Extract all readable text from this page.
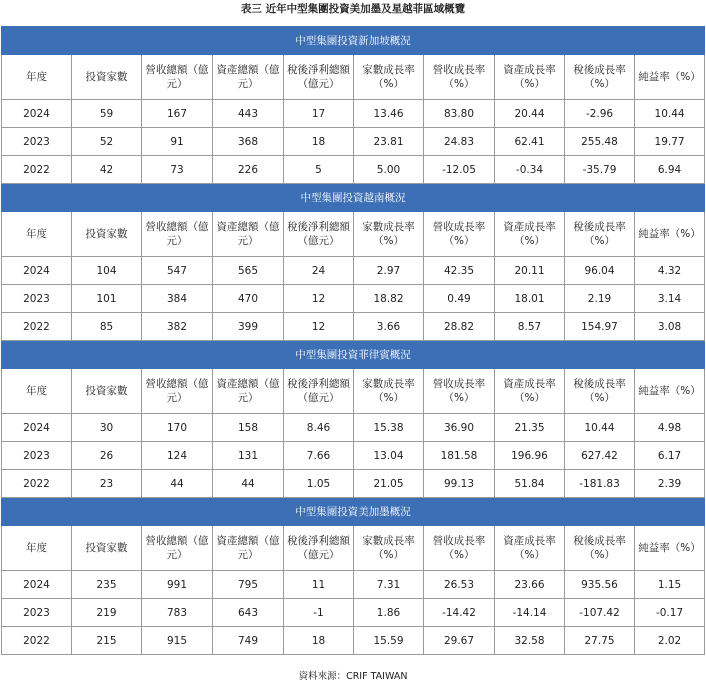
表三 近年中型集團投資美加墨及星越菲區域概覽
中型集團投資新加坡概況									
年度	投資家數	營收總額（億元）	資產總額（億元）	稅後淨利總額（億元）	家數成長率（%）	營收成長率（%）	資產成長率（%）	稅後成長率（%）	純益率（%）
2024	59	167	443	17	13.46	83.80	20.44	-2.96	10.44
2023	52	91	368	18	23.81	24.83	62.41	255.48	19.77
2022	42	73	226	5	5.00	-12.05	-0.34	-35.79	6.94
中型集團投資越南概況									
年度	投資家數	營收總額（億元）	資產總額（億元）	稅後淨利總額（億元）	家數成長率（%）	營收成長率（%）	資產成長率（%）	稅後成長率（%）	純益率（%）
2024	104	547	565	24	2.97	42.35	20.11	96.04	4.32
2023	101	384	470	12	18.82	0.49	18.01	2.19	3.14
2022	85	382	399	12	3.66	28.82	8.57	154.97	3.08
中型集團投資菲律賓概況									
年度	投資家數	營收總額（億元）	資產總額（億元）	稅後淨利總額（億元）	家數成長率（%）	營收成長率（%）	資產成長率（%）	稅後成長率（%）	純益率（%）
2024	30	170	158	8.46	15.38	36.90	21.35	10.44	4.98
2023	26	124	131	7.66	13.04	181.58	196.96	627.42	6.17
2022	23	44	44	1.05	21.05	99.13	51.84	-181.83	2.39
中型集團投資美加墨概況									
年度	投資家數	營收總額（億元）	資產總額（億元）	稅後淨利總額（億元）	家數成長率（%）	營收成長率（%）	資產成長率（%）	稅後成長率（%）	純益率（%）
2024	235	991	795	11	7.31	26.53	23.66	935.56	1.15
2023	219	783	643	-1	1.86	-14.42	-14.14	-107.42	-0.17
2022	215	915	749	18	15.59	29.67	32.58	27.75	2.02
資料來源：CRIF TAIWAN
